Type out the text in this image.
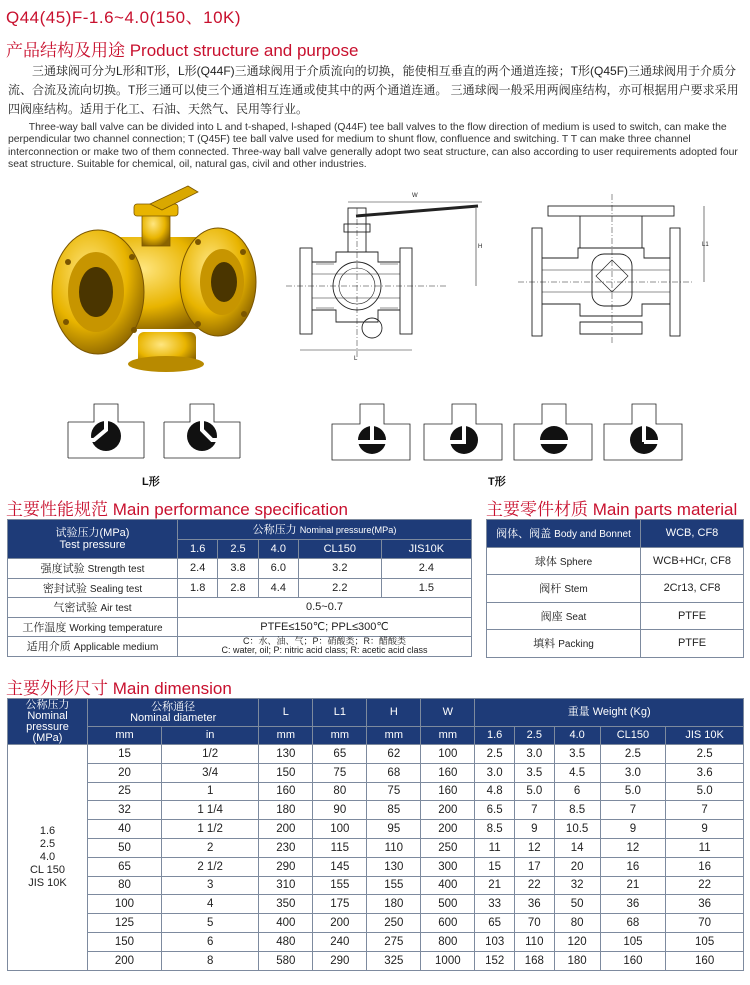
Q44(45)F-1.6~4.0(150、10K)
产品结构及用途 Product structure and purpose
三通球阀可分为L形和T形，L形(Q44F)三通球阀用于介质流向的切换，能使相互垂直的两个通道连接；T形(Q45F)三通球阀用于介质分流、合流及流向切换。T形三通可以使三个通道相互连通或使其中的两个通道连通。 三通球阀一般采用两阀座结构，亦可根据用户要求采用四阀座结构。适用于化工、石油、天然气、民用等行业。
Three-way ball valve can be divided into L and t-shaped, l-shaped (Q44F) tee ball valves to the flow direction of medium is used to switch, can make the perpendicular two channel connection; T (Q45F) tee ball valve used for medium to shunt flow, confluence and switching. T T can make three channel interconnection or make two of them connected. Three-way ball valve generally adopt two seat structure, can also according to user requirements adopted four seat structure. Suitable for chemical, oil, natural gas, civil and other industries.
W
H
L
L1
L形	T形
主要性能规范 Main performance specification
试验压力(MPa)
Test pressure	公称压力 Nominal pressure(MPa)				
	1.6	2.5	4.0	CL150	JIS10K
强度试验 Strength test	2.4	3.8	6.0	3.2	2.4
密封试验 Sealing test	1.8	2.8	4.4	2.2	1.5
气密试验 Air test	0.5~0.7				
工作温度 Working temperature	PTFE≤150℃; PPL≤300℃				
适用介质 Applicable medium	C：水、油、气；P：硝酸类；R：醋酸类
C: water, oil; P: nitric acid class; R: acetic acid class				
主要零件材质 Main parts material
阀体、阀盖 Body and Bonnet	WCB, CF8
球体 Sphere	WCB+HCr, CF8
阀杆 Stem	2Cr13, CF8
阀座 Seat	PTFE
填料 Packing	PTFE
主要外形尺寸 Main dimension
公称压力
Nominal
pressure
(MPa)	公称通径
Nominal diameter		L	L1	H	W	重量 Weight (Kg)				
	mm	in	mm	mm	mm	mm	1.6	2.5	4.0	CL150	JIS 10K

1.6
2.5
4.0
CL 150
JIS 10K	15	1/2	130	65	62	100	2.5	3.0	3.5	2.5	2.5
	20	3/4	150	75	68	160	3.0	3.5	4.5	3.0	3.6
	25	1	160	80	75	160	4.8	5.0	6	5.0	5.0
	32	1 1/4	180	90	85	200	6.5	7	8.5	7	7
	40	1 1/2	200	100	95	200	8.5	9	10.5	9	9
	50	2	230	115	110	250	11	12	14	12	11
	65	2 1/2	290	145	130	300	15	17	20	16	16
	80	3	310	155	155	400	21	22	32	21	22
	100	4	350	175	180	500	33	36	50	36	36
	125	5	400	200	250	600	65	70	80	68	70
	150	6	480	240	275	800	103	110	120	105	105
	200	8	580	290	325	1000	152	168	180	160	160
